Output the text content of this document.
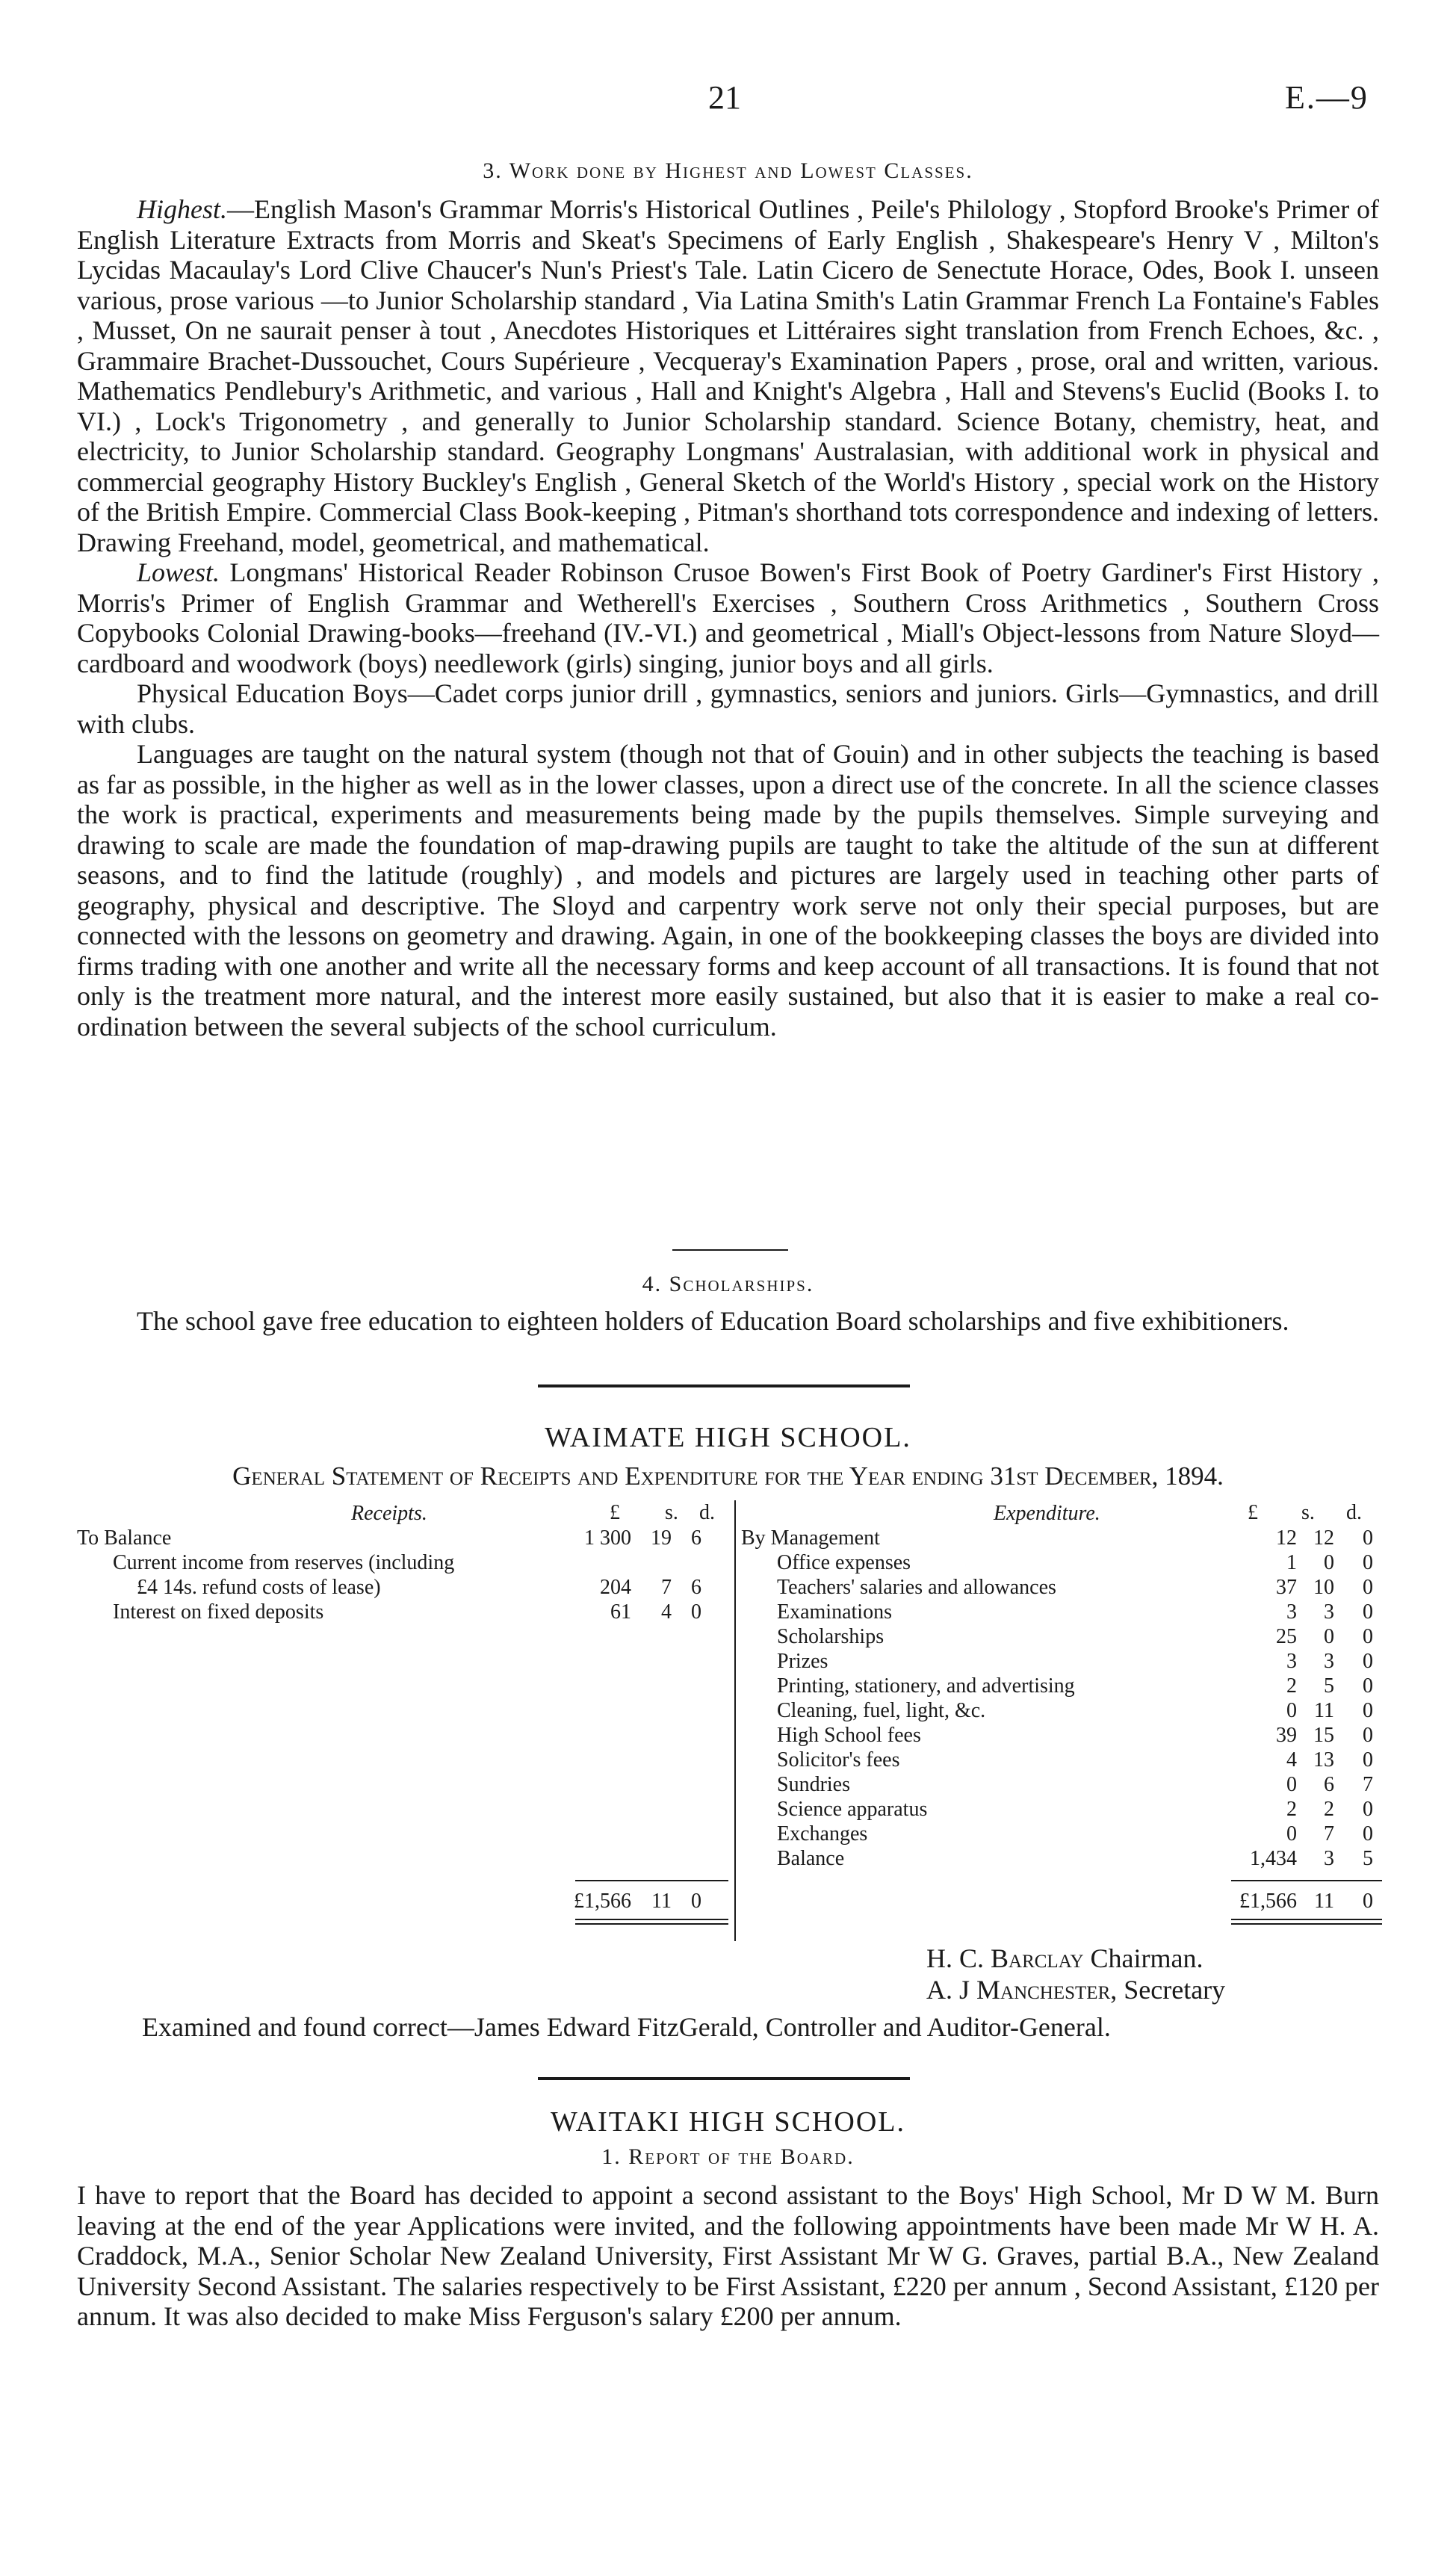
21	E.—9
3. Work done by Highest and Lowest Classes.

Highest.—English Mason's Grammar Morris's Historical Outlines , Peile's Philology , Stopford Brooke's Primer of English Literature Extracts from Morris and Skeat's Specimens of Early English , Shakespeare's Henry V , Milton's Lycidas Macaulay's Lord Clive Chaucer's Nun's Priest's Tale. Latin Cicero de Senectute Horace, Odes, Book I. unseen various, prose various —to Junior Scholarship standard , Via Latina Smith's Latin Grammar French La Fontaine's Fables , Musset, On ne saurait penser à tout , Anecdotes Historiques et Littéraires sight translation from French Echoes, &c. , Grammaire Brachet-Dussouchet, Cours Supérieure , Vecqueray's Examination Papers , prose, oral and written, various. Mathematics Pendlebury's Arithmetic, and various , Hall and Knight's Algebra , Hall and Stevens's Euclid (Books I. to VI.) , Lock's Trigonometry , and generally to Junior Scholarship standard. Science Botany, chemistry, heat, and electricity, to Junior Scholarship standard. Geography Longmans' Australasian, with additional work in physical and commercial geography History Buckley's English , General Sketch of the World's History , special work on the History of the British Empire. Commercial Class Book-keeping , Pitman's shorthand tots correspondence and indexing of letters. Drawing Freehand, model, geometrical, and mathematical.

Lowest. Longmans' Historical Reader Robinson Crusoe Bowen's First Book of Poetry Gardiner's First History , Morris's Primer of English Grammar and Wetherell's Exercises , Southern Cross Arithmetics , Southern Cross Copybooks Colonial Drawing-books—freehand (IV.-VI.) and geometrical , Miall's Object-lessons from Nature Sloyd—cardboard and woodwork (boys) needlework (girls) singing, junior boys and all girls.

Physical Education Boys—Cadet corps junior drill , gymnastics, seniors and juniors. Girls—Gymnastics, and drill with clubs.

Languages are taught on the natural system (though not that of Gouin) and in other subjects the teaching is based as far as possible, in the higher as well as in the lower classes, upon a direct use of the concrete. In all the science classes the work is practical, experiments and measurements being made by the pupils themselves. Simple surveying and drawing to scale are made the foundation of map-drawing pupils are taught to take the altitude of the sun at different seasons, and to find the latitude (roughly) , and models and pictures are largely used in teaching other parts of geography, physical and descriptive. The Sloyd and carpentry work serve not only their special purposes, but are connected with the lessons on geometry and drawing. Again, in one of the bookkeeping classes the boys are divided into firms trading with one another and write all the necessary forms and keep account of all transactions. It is found that not only is the treatment more natural, and the interest more easily sustained, but also that it is easier to make a real co-ordination between the several subjects of the school curriculum.

4. Scholarships.

The school gave free education to eighteen holders of Education Board scholarships and five exhibitioners.

WAIMATE HIGH SCHOOL.
General Statement of Receipts and Expenditure for the Year ending 31st December, 1894.
Receipts.	£ s. d.
To Balance	1 300	19	6
Current income from reserves (including			
£4 14s. refund costs of lease)	204	7	6
Interest on fixed deposits	61	4	0
£1,566	11	0
Expenditure.	£ s. d.
By Management	12	12	0
Office expenses	1	0	0
Teachers' salaries and allowances	37	10	0
Examinations	3	3	0
Scholarships	25	0	0
Prizes	3	3	0
Printing, stationery, and advertising	2	5	0
Cleaning, fuel, light, &c.	0	11	0
High School fees	39	15	0
Solicitor's fees	4	13	0
Sundries	0	6	7
Science apparatus	2	2	0
Exchanges	0	7	0
Balance	1,434	3	5
£1,566	11	0
H. C. Barclay Chairman.
A. J Manchester, Secretary
Examined and found correct—James Edward FitzGerald, Controller and Auditor-General.
WAITAKI HIGH SCHOOL.
1. Report of the Board.

I have to report that the Board has decided to appoint a second assistant to the Boys' High School, Mr D W M. Burn leaving at the end of the year Applications were invited, and the following appointments have been made Mr W H. A. Craddock, M.A., Senior Scholar New Zealand University, First Assistant Mr W G. Graves, partial B.A., New Zealand University Second Assistant. The salaries respectively to be First Assistant, £220 per annum , Second Assistant, £120 per annum. It was also decided to make Miss Ferguson's salary £200 per annum.
